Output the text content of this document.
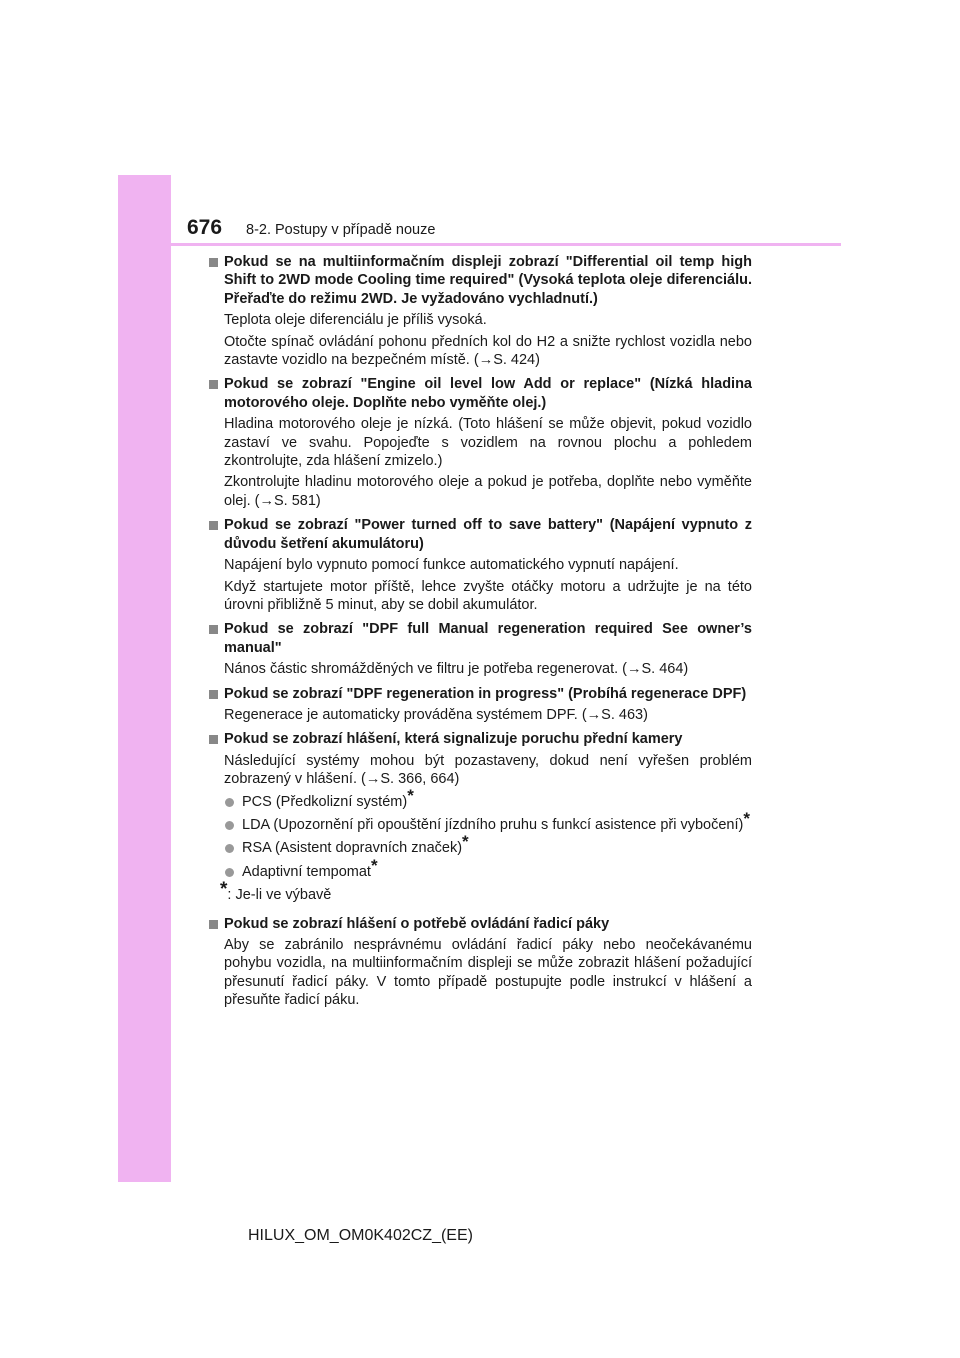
676 8-2. Postupy v případě nouze
Pokud se na multiinformačním displeji zobrazí "Differential oil temp high Shift to 2WD mode Cooling time required" (Vysoká teplota oleje diferenciálu. Přeřaďte do režimu 2WD. Je vyžadováno vychladnutí.)

Teplota oleje diferenciálu je příliš vysoká.

Otočte spínač ovládání pohonu předních kol do H2 a snižte rychlost vozidla nebo zastavte vozidlo na bezpečném místě. (→S. 424)

Pokud se zobrazí "Engine oil level low Add or replace" (Nízká hladina motorového oleje. Doplňte nebo vyměňte olej.)

Hladina motorového oleje je nízká. (Toto hlášení se může objevit, pokud vozidlo zastaví ve svahu. Popojeďte s vozidlem na rovnou plochu a pohledem zkontrolujte, zda hlášení zmizelo.)

Zkontrolujte hladinu motorového oleje a pokud je potřeba, doplňte nebo vyměňte olej. (→S. 581)

Pokud se zobrazí "Power turned off to save battery" (Napájení vypnuto z důvodu šetření akumulátoru)

Napájení bylo vypnuto pomocí funkce automatického vypnutí napájení.

Když startujete motor příště, lehce zvyšte otáčky motoru a udržujte je na této úrovni přibližně 5 minut, aby se dobil akumulátor.

Pokud se zobrazí "DPF full Manual regeneration required See owner’s manual"

Nános částic shromážděných ve filtru je potřeba regenerovat. (→S. 464)

Pokud se zobrazí "DPF regeneration in progress" (Probíhá regenerace DPF)

Regenerace je automaticky prováděna systémem DPF. (→S. 463)

Pokud se zobrazí hlášení, která signalizuje poruchu přední kamery

Následující systémy mohou být pozastaveny, dokud není vyřešen problém zobrazený v hlášení. (→S. 366, 664)

PCS (Předkolizní systém)*
LDA (Upozornění při opouštění jízdního pruhu s funkcí asistence při vybočení)*
RSA (Asistent dopravních značek)*
Adaptivní tempomat*
*: Je-li ve výbavě
Pokud se zobrazí hlášení o potřebě ovládání řadicí páky

Aby se zabránilo nesprávnému ovládání řadicí páky nebo neočekávanému pohybu vozidla, na multiinformačním displeji se může zobrazit hlášení požadující přesunutí řadicí páky. V tomto případě postupujte podle instrukcí v hlášení a přesuňte řadicí páku.

HILUX_OM_OM0K402CZ_(EE)
